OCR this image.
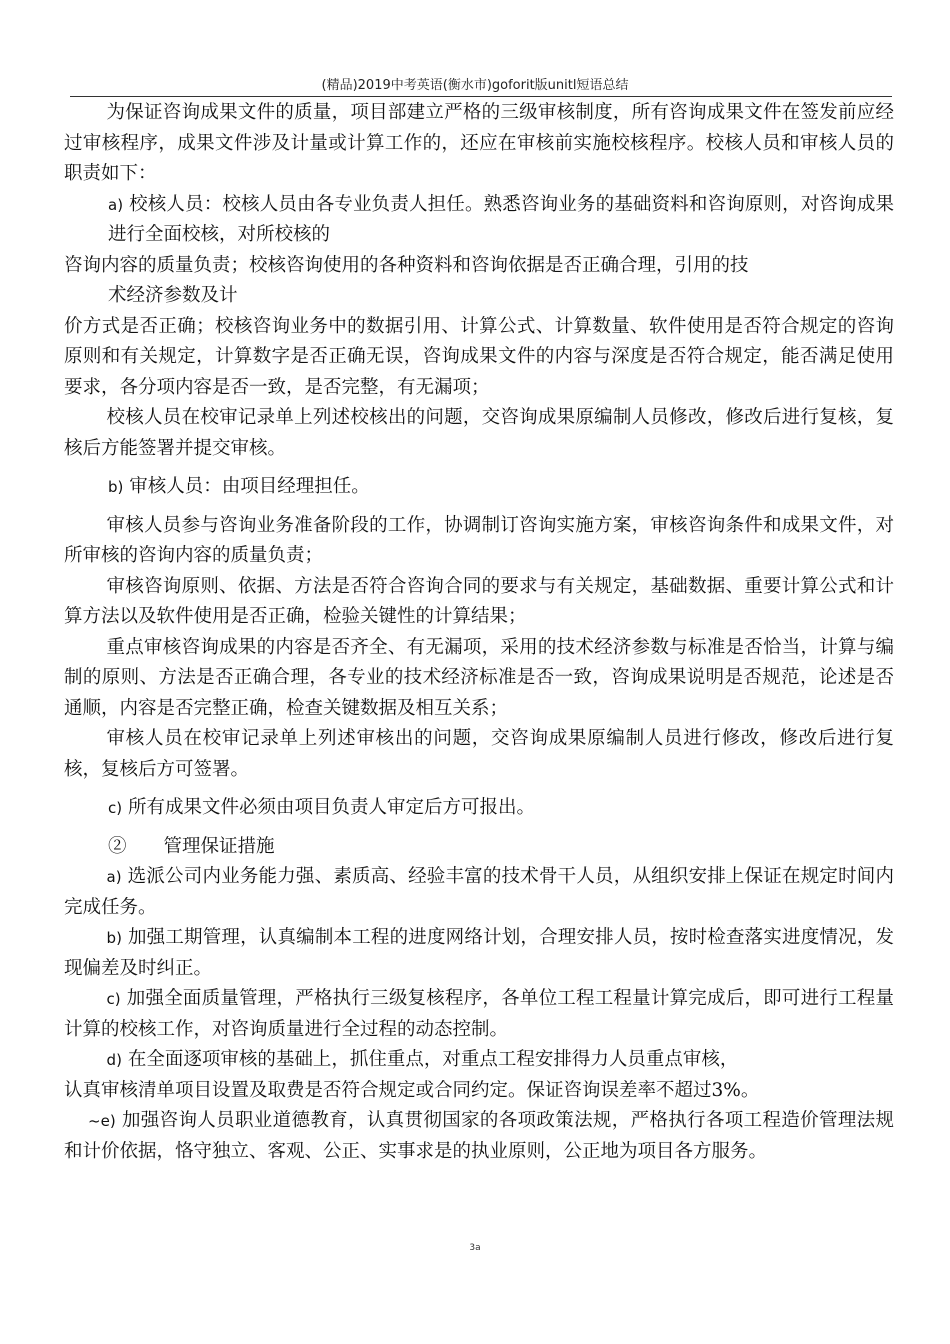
(精品)2019中考英语(衡水市)goforit版unitl短语总结

为保证咨询成果文件的质量，项目部建立严格的三级审核制度，所有咨询成果文件在签发前应经过审核程序，成果文件涉及计量或计算工作的，还应在审核前实施校核程序。校核人员和审核人员的职责如下：

a) 校核人员：校核人员由各专业负责人担任。熟悉咨询业务的基础资料和咨询原则，对咨询成果进行全面校核，对所校核的

咨询内容的质量负责；校核咨询使用的各种资料和咨询依据是否正确合理，引用的技

术经济参数及计

价方式是否正确；校核咨询业务中的数据引用、计算公式、计算数量、软件使用是否符合规定的咨询原则和有关规定，计算数字是否正确无误，咨询成果文件的内容与深度是否符合规定，能否满足使用要求，各分项内容是否一致，是否完整，有无漏项；

校核人员在校审记录单上列述校核出的问题，交咨询成果原编制人员修改，修改后进行复核，复核后方能签署并提交审核。

b) 审核人员：由项目经理担任。

审核人员参与咨询业务准备阶段的工作，协调制订咨询实施方案，审核咨询条件和成果文件，对所审核的咨询内容的质量负责；

审核咨询原则、依据、方法是否符合咨询合同的要求与有关规定，基础数据、重要计算公式和计算方法以及软件使用是否正确，检验关键性的计算结果；

重点审核咨询成果的内容是否齐全、有无漏项，采用的技术经济参数与标准是否恰当，计算与编制的原则、方法是否正确合理，各专业的技术经济标准是否一致，咨询成果说明是否规范，论述是否通顺，内容是否完整正确，检查关键数据及相互关系；

审核人员在校审记录单上列述审核出的问题，交咨询成果原编制人员进行修改，修改后进行复核，复核后方可签署。

c) 所有成果文件必须由项目负责人审定后方可报出。

②　　管理保证措施

a) 选派公司内业务能力强、素质高、经验丰富的技术骨干人员，从组织安排上保证在规定时间内完成任务。

b) 加强工期管理，认真编制本工程的进度网络计划，合理安排人员，按时检查落实进度情况，发现偏差及时纠正。

c) 加强全面质量管理，严格执行三级复核程序，各单位工程工程量计算完成后，即可进行工程量计算的校核工作，对咨询质量进行全过程的动态控制。

d) 在全面逐项审核的基础上，抓住重点，对重点工程安排得力人员重点审核，

认真审核清单项目设置及取费是否符合规定或合同约定。保证咨询误差率不超过3%。

~e) 加强咨询人员职业道德教育，认真贯彻国家的各项政策法规，严格执行各项工程造价管理法规和计价依据，恪守独立、客观、公正、实事求是的执业原则，公正地为项目各方服务。

3a
